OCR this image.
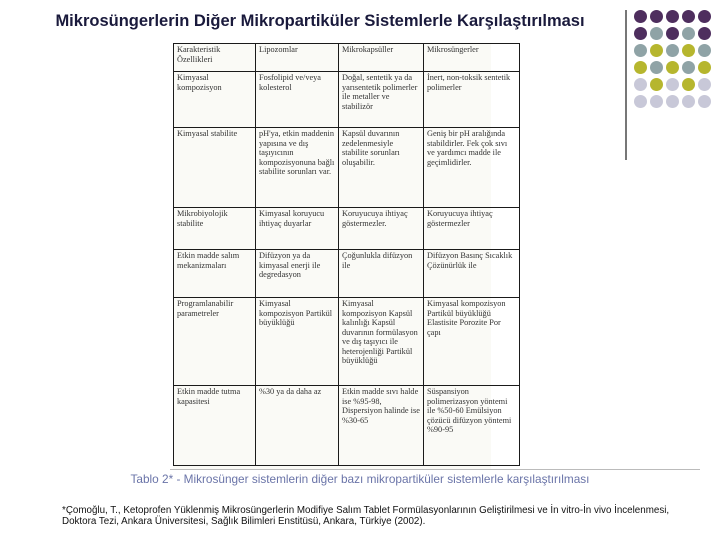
Mikrosüngerlerin Diğer Mikropartiküler Sistemlerle Karşılaştırılması
Karakteristik Özellikleri	Lipozomlar	Mikrokapsüller	Mikrosüngerler
Kimyasal kompozisyon	Fosfolipid ve/veya kolesterol	Doğal, sentetik ya da yarısentetik polimerler ile metaller ve stabilizör	İnert, non-toksik sentetik polimerler
Kimyasal stabilite	pH'ya, etkin maddenin yapısına ve dış taşıyıcının kompozisyonuna bağlı stabilite sorunları var.	Kapsül duvarının zedelenmesiyle stabilite sorunları oluşabilir.	Geniş bir pH aralığında stabildirler. Fek çok sıvı ve yardımcı madde ile geçimlidirler.
Mikrobiyolojik stabilite	Kimyasal koruyucu ihtiyaç duyarlar	Koruyucuya ihtiyaç göstermezler.	Koruyucuya ihtiyaç göstermezler
Etkin madde salım mekanizmaları	Difüzyon ya da kimyasal enerji ile degredasyon	Çoğunlukla difüzyon ile	Difüzyon Basınç Sıcaklık Çözünürlük ile
Programlanabilir parametreler	Kimyasal kompozisyon Partikül büyüklüğü	Kimyasal kompozisyon Kapsül kalınlığı Kapsül duvarının formülasyon ve dış taşıyıcı ile heterojenliği Partikül büyüklüğü	Kimyasal kompozisyon Partikül büyüklüğü Elastisite Porozite Por çapı
Etkin madde tutma kapasitesi	%30 ya da daha az	Etkin madde sıvı halde ise %95-98, Dispersiyon halinde ise %30-65	Süspansiyon polimerizasyon yöntemi ile %50-60 Emülsiyon çözücü difüzyon yöntemi %90-95
Tablo 2* - Mikrosünger sistemlerin diğer bazı mikropartiküler sistemlerle karşılaştırılması
*Çomoğlu, T., Ketoprofen Yüklenmiş Mikrosüngerlerin Modifiye Salım Tablet Formülasyonlarının Geliştirilmesi ve İn vitro-İn vivo İncelenmesi, Doktora Tezi, Ankara Üniversitesi, Sağlık Bilimleri Enstitüsü, Ankara, Türkiye (2002).
